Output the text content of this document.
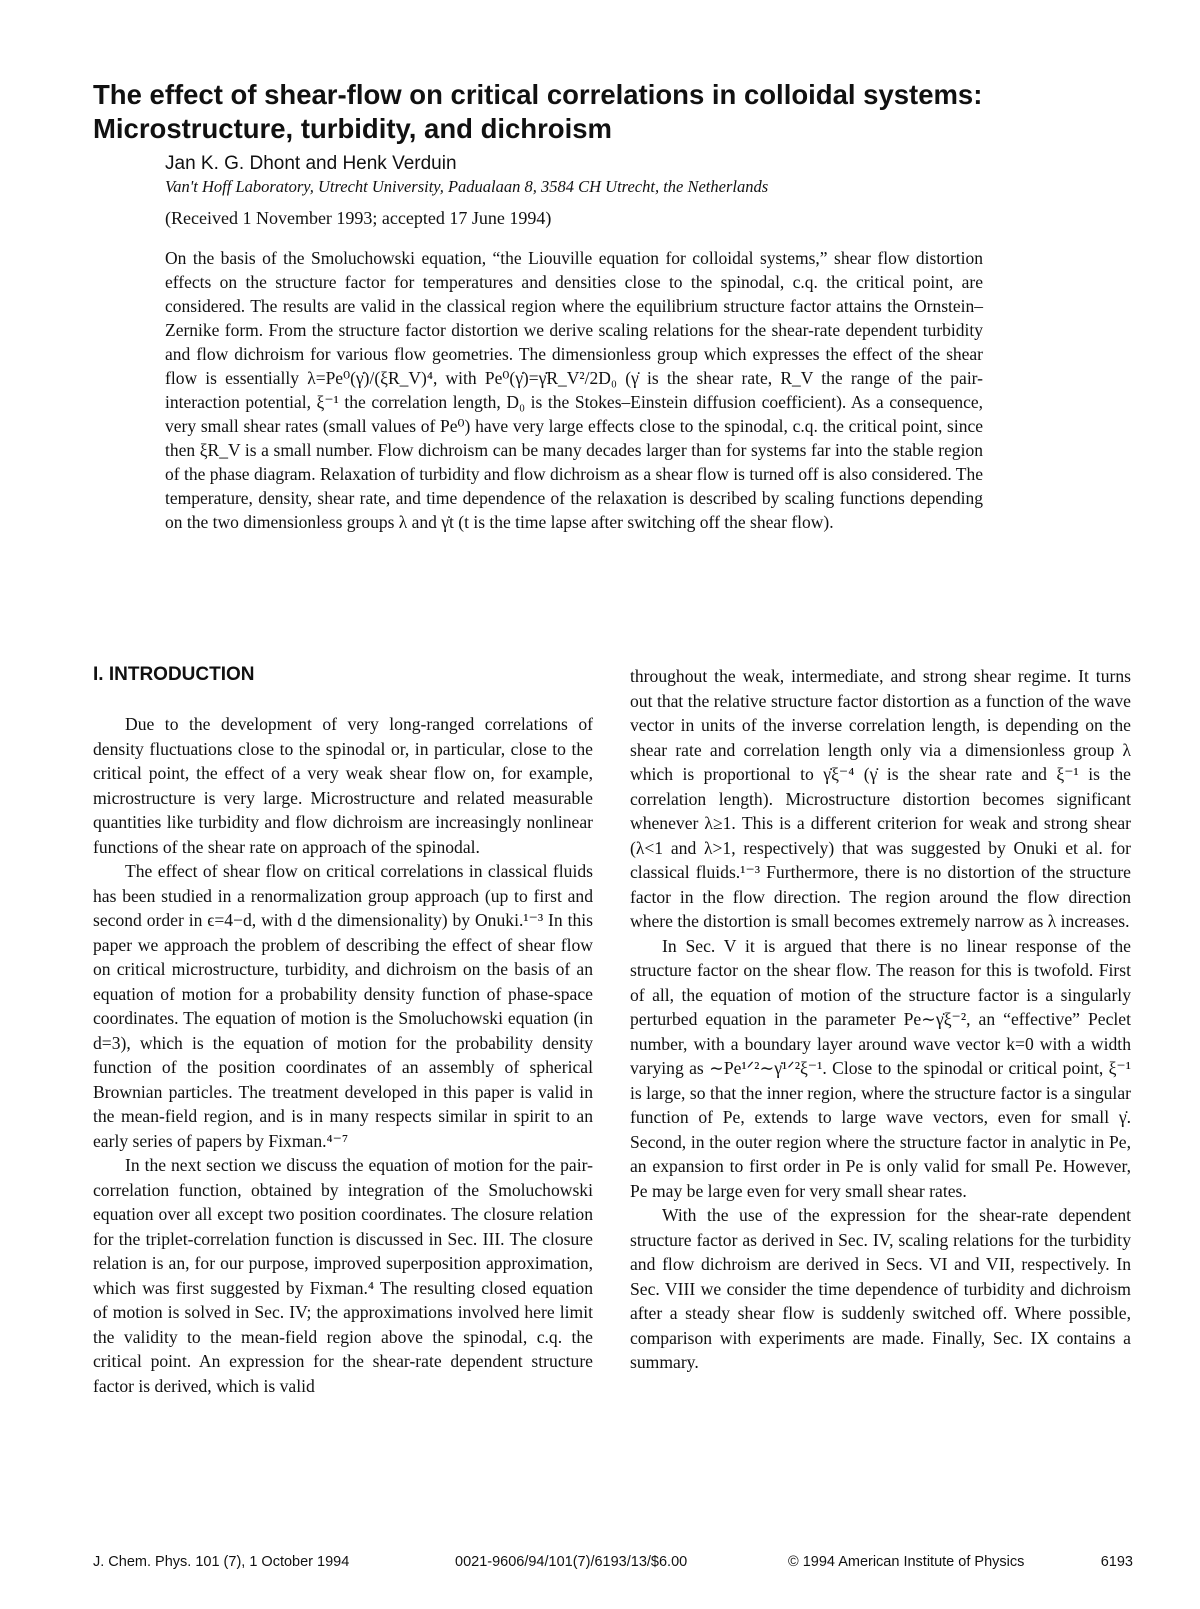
The effect of shear-flow on critical correlations in colloidal systems: Microstructure, turbidity, and dichroism
Jan K. G. Dhont and Henk Verduin
Van't Hoff Laboratory, Utrecht University, Padualaan 8, 3584 CH Utrecht, the Netherlands
(Received 1 November 1993; accepted 17 June 1994)

On the basis of the Smoluchowski equation, “the Liouville equation for colloidal systems,” shear flow distortion effects on the structure factor for temperatures and densities close to the spinodal, c.q. the critical point, are considered. The results are valid in the classical region where the equilibrium structure factor attains the Ornstein–Zernike form. From the structure factor distortion we derive scaling relations for the shear-rate dependent turbidity and flow dichroism for various flow geometries. The dimensionless group which expresses the effect of the shear flow is essentially λ=Pe⁰(γ̇)/(ξR_V)⁴, with Pe⁰(γ̇)=γ̇R_V²/2D₀ (γ̇ is the shear rate, R_V the range of the pair-interaction potential, ξ⁻¹ the correlation length, D₀ is the Stokes–Einstein diffusion coefficient). As a consequence, very small shear rates (small values of Pe⁰) have very large effects close to the spinodal, c.q. the critical point, since then ξR_V is a small number. Flow dichroism can be many decades larger than for systems far into the stable region of the phase diagram. Relaxation of turbidity and flow dichroism as a shear flow is turned off is also considered. The temperature, density, shear rate, and time dependence of the relaxation is described by scaling functions depending on the two dimensionless groups λ and γ̇t (t is the time lapse after switching off the shear flow).

I. INTRODUCTION

Due to the development of very long-ranged correlations of density fluctuations close to the spinodal or, in particular, close to the critical point, the effect of a very weak shear flow on, for example, microstructure is very large. Microstructure and related measurable quantities like turbidity and flow dichroism are increasingly nonlinear functions of the shear rate on approach of the spinodal.

The effect of shear flow on critical correlations in classical fluids has been studied in a renormalization group approach (up to first and second order in ϵ=4−d, with d the dimensionality) by Onuki.¹⁻³ In this paper we approach the problem of describing the effect of shear flow on critical microstructure, turbidity, and dichroism on the basis of an equation of motion for a probability density function of phase-space coordinates. The equation of motion is the Smoluchowski equation (in d=3), which is the equation of motion for the probability density function of the position coordinates of an assembly of spherical Brownian particles. The treatment developed in this paper is valid in the mean-field region, and is in many respects similar in spirit to an early series of papers by Fixman.⁴⁻⁷

In the next section we discuss the equation of motion for the pair-correlation function, obtained by integration of the Smoluchowski equation over all except two position coordinates. The closure relation for the triplet-correlation function is discussed in Sec. III. The closure relation is an, for our purpose, improved superposition approximation, which was first suggested by Fixman.⁴ The resulting closed equation of motion is solved in Sec. IV; the approximations involved here limit the validity to the mean-field region above the spinodal, c.q. the critical point. An expression for the shear-rate dependent structure factor is derived, which is valid

throughout the weak, intermediate, and strong shear regime. It turns out that the relative structure factor distortion as a function of the wave vector in units of the inverse correlation length, is depending on the shear rate and correlation length only via a dimensionless group λ which is proportional to γ̇ξ⁻⁴ (γ̇ is the shear rate and ξ⁻¹ is the correlation length). Microstructure distortion becomes significant whenever λ≥1. This is a different criterion for weak and strong shear (λ<1 and λ>1, respectively) that was suggested by Onuki et al. for classical fluids.¹⁻³ Furthermore, there is no distortion of the structure factor in the flow direction. The region around the flow direction where the distortion is small becomes extremely narrow as λ increases.

In Sec. V it is argued that there is no linear response of the structure factor on the shear flow. The reason for this is twofold. First of all, the equation of motion of the structure factor is a singularly perturbed equation in the parameter Pe∼γ̇ξ⁻², an “effective” Peclet number, with a boundary layer around wave vector k=0 with a width varying as ∼Pe¹ᐟ²∼γ̇¹ᐟ²ξ⁻¹. Close to the spinodal or critical point, ξ⁻¹ is large, so that the inner region, where the structure factor is a singular function of Pe, extends to large wave vectors, even for small γ̇. Second, in the outer region where the structure factor in analytic in Pe, an expansion to first order in Pe is only valid for small Pe. However, Pe may be large even for very small shear rates.

With the use of the expression for the shear-rate dependent structure factor as derived in Sec. IV, scaling relations for the turbidity and flow dichroism are derived in Secs. VI and VII, respectively. In Sec. VIII we consider the time dependence of turbidity and dichroism after a steady shear flow is suddenly switched off. Where possible, comparison with experiments are made. Finally, Sec. IX contains a summary.

J. Chem. Phys. 101 (7), 1 October 1994	0021-9606/94/101(7)/6193/13/$6.00	© 1994 American Institute of Physics	6193
